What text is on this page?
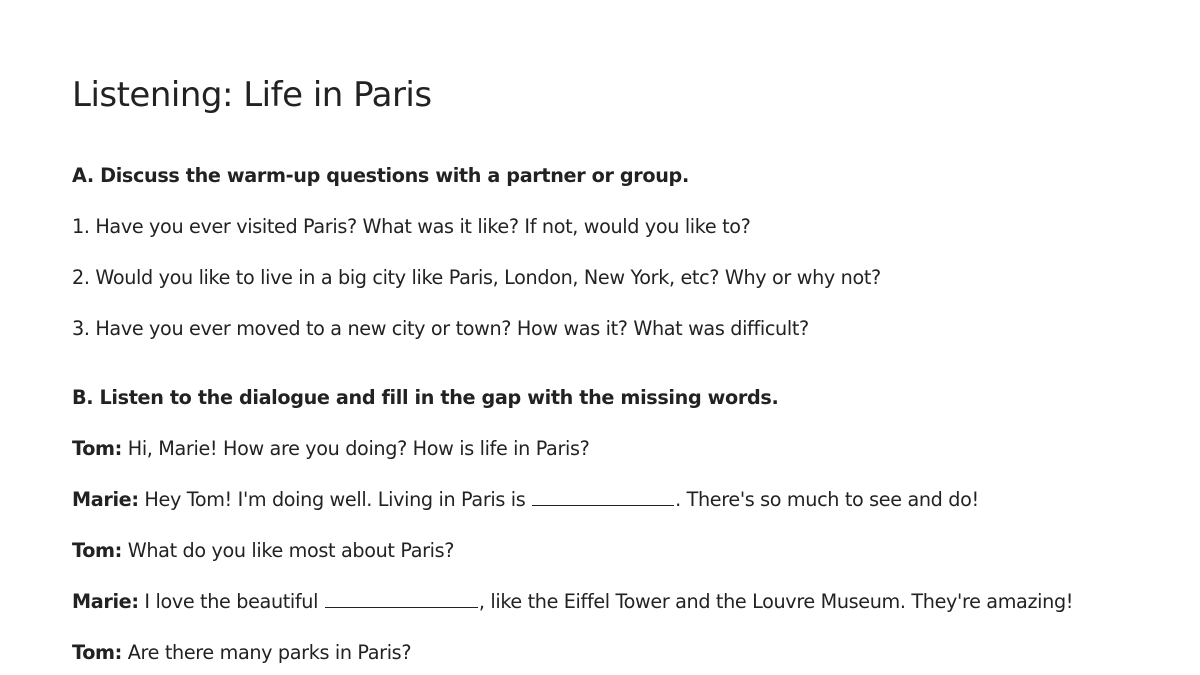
Listening: Life in Paris
A. Discuss the warm-up questions with a partner or group.
1. Have you ever visited Paris? What was it like? If not, would you like to?
2. Would you like to live in a big city like Paris, London, New York, etc? Why or why not?
3. Have you ever moved to a new city or town? How was it? What was difficult?
B. Listen to the dialogue and fill in the gap with the missing words.
Tom: Hi, Marie! How are you doing? How is life in Paris?
Marie: Hey Tom! I'm doing well. Living in Paris is	. There's so much to see and do!
Tom: What do you like most about Paris?
Marie: I love the beautiful	, like the Eiffel Tower and the Louvre Museum. They're amazing!
Tom: Are there many parks in Paris?
